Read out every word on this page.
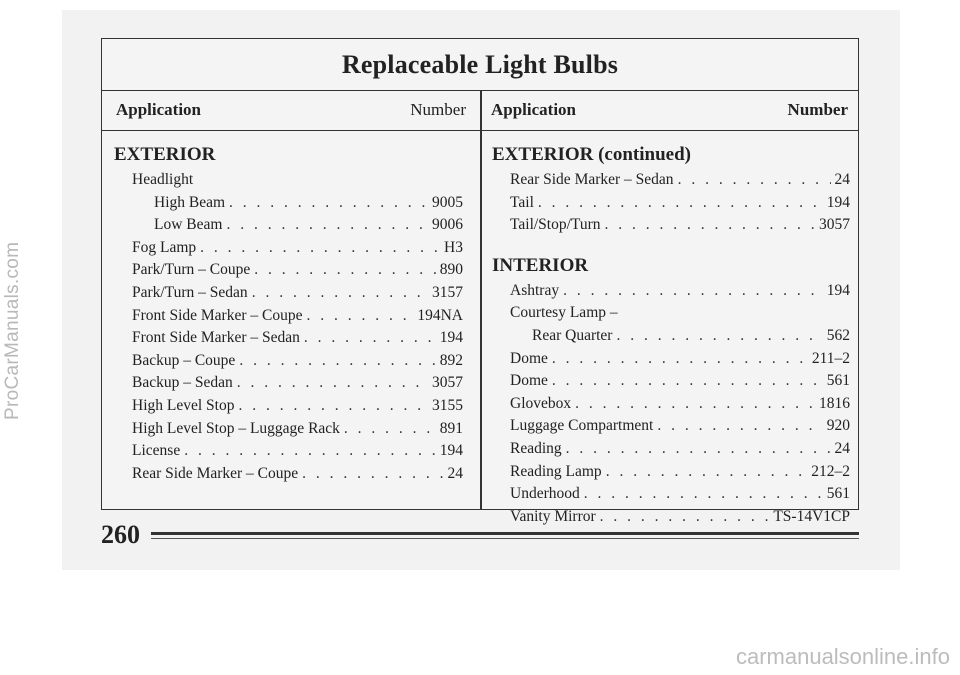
Replaceable Light Bulbs
Application	Number Application	Number
EXTERIOR
Headlight
High Beam . . .	9005
Low Beam . . .	9006
Fog Lamp . . .	H3
Park/Turn – Coupe . . .	890
Park/Turn – Sedan . . .	3157
Front Side Marker – Coupe . . .	194NA
Front Side Marker – Sedan . . .	194
Backup – Coupe . . .	892
Backup – Sedan . . .	3057
High Level Stop . . .	3155
High Level Stop – Luggage Rack . . .	891
License . . .	194
Rear Side Marker – Coupe . . .	24
EXTERIOR (continued)
Rear Side Marker – Sedan . . .	24
Tail . . .	194
Tail/Stop/Turn . . .	3057
INTERIOR
Ashtray . . .	194
Courtesy Lamp –
Rear Quarter . . .	562
Dome . . .	211–2
Dome . . .	561
Glovebox . . .	1816
Luggage Compartment . . .	920
Reading . . .	24
Reading Lamp . . .	212–2
Underhood . . .	561
Vanity Mirror . . .	TS-14V1CP
260
ProCarManuals.com
carmanualsonline.info
